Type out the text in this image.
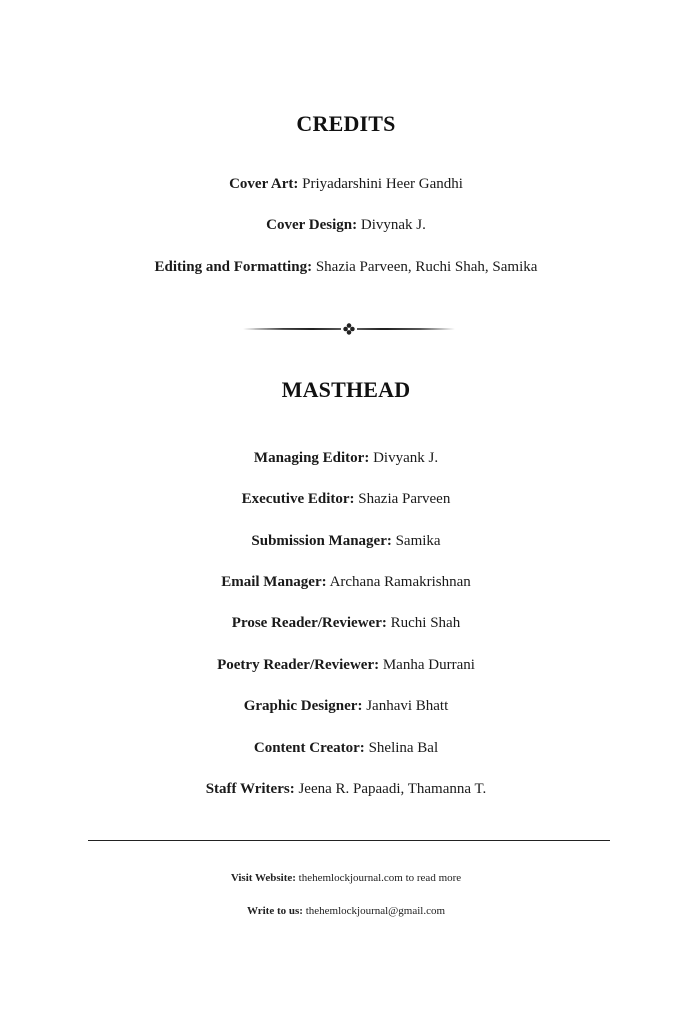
CREDITS
Cover Art: Priyadarshini Heer Gandhi
Cover Design: Divynak J.
Editing and Formatting: Shazia Parveen, Ruchi Shah, Samika
MASTHEAD
Managing Editor: Divyank J.
Executive Editor: Shazia Parveen
Submission Manager: Samika
Email Manager: Archana Ramakrishnan
Prose Reader/Reviewer: Ruchi Shah
Poetry Reader/Reviewer: Manha Durrani
Graphic Designer: Janhavi Bhatt
Content Creator: Shelina Bal
Staff Writers: Jeena R. Papaadi, Thamanna T.
Visit Website: thehemlockjournal.com to read more
Write to us: thehemlockjournal@gmail.com
